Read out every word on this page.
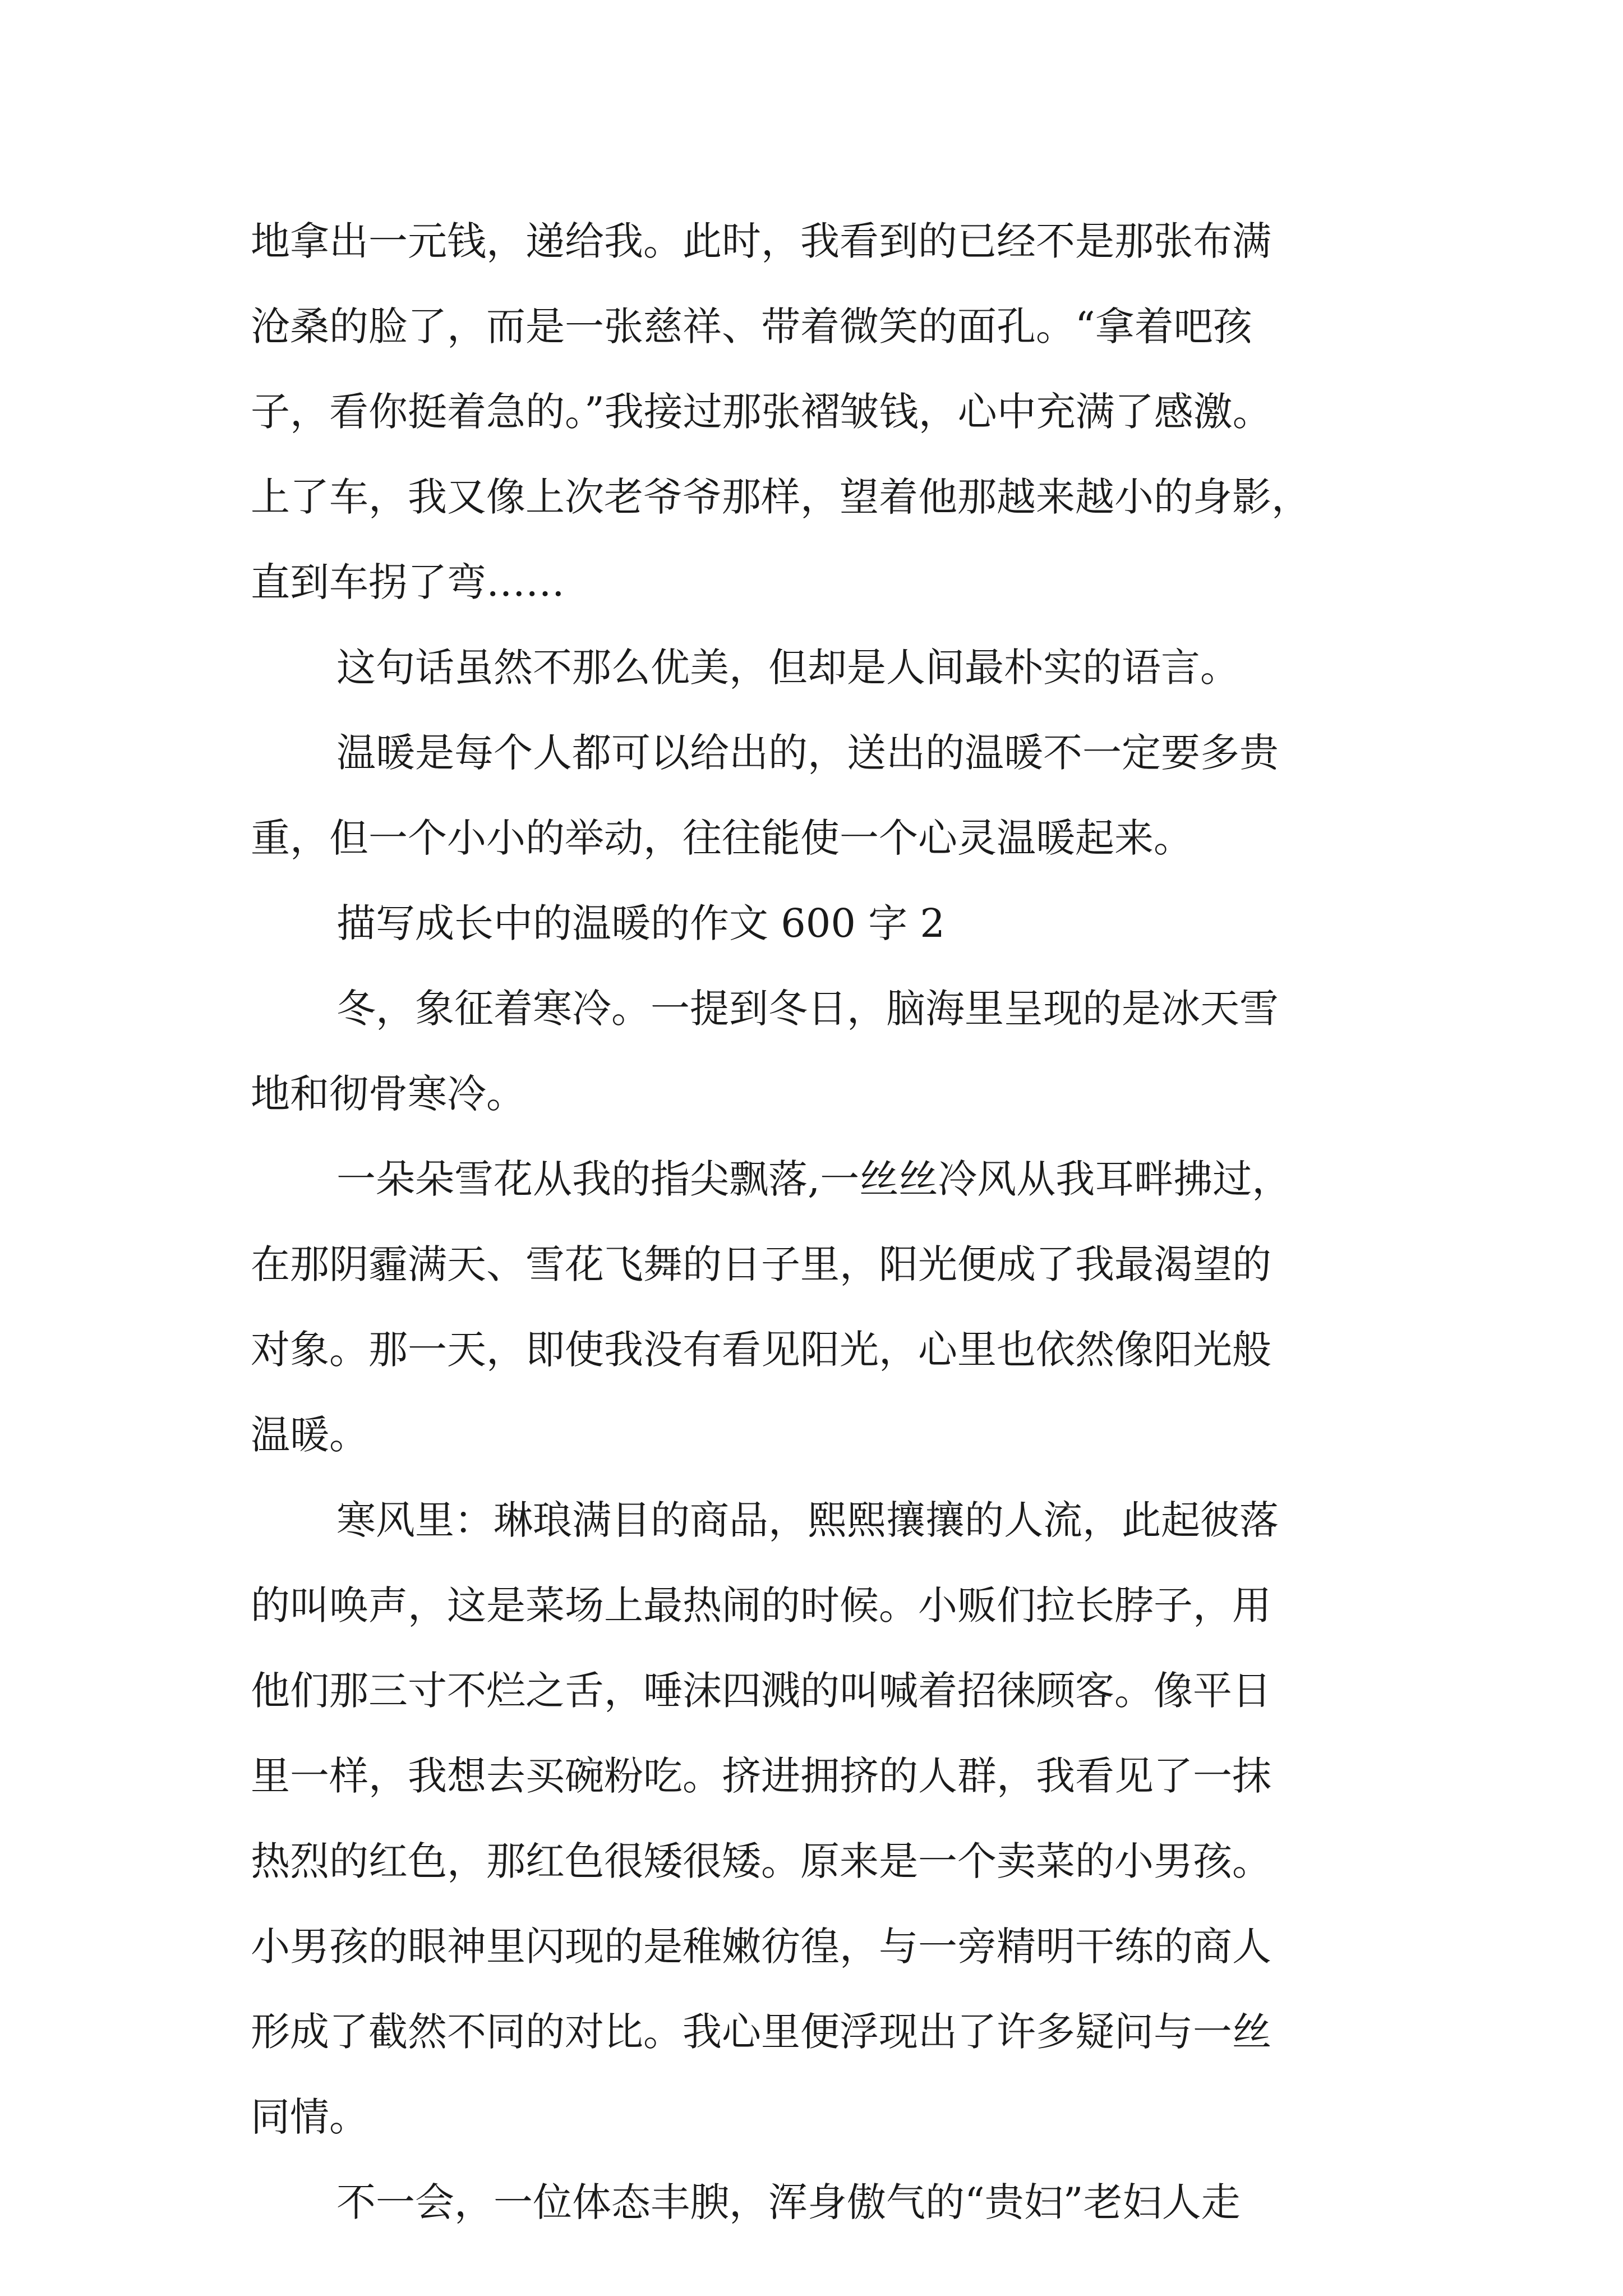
地拿出一元钱，递给我。此时，我看到的已经不是那张布满

沧桑的脸了，而是一张慈祥、带着微笑的面孔。“拿着吧孩

子，看你挺着急的。”我接过那张褶皱钱，心中充满了感激。

上了车，我又像上次老爷爷那样，望着他那越来越小的身影，

直到车拐了弯……

这句话虽然不那么优美，但却是人间最朴实的语言。

温暖是每个人都可以给出的，送出的温暖不一定要多贵

重，但一个小小的举动，往往能使一个心灵温暖起来。

描写成长中的温暖的作文 600 字 2

冬，象征着寒冷。一提到冬日，脑海里呈现的是冰天雪

地和彻骨寒冷。

一朵朵雪花从我的指尖飘落,一丝丝冷风从我耳畔拂过，

在那阴霾满天、雪花飞舞的日子里，阳光便成了我最渴望的

对象。那一天，即使我没有看见阳光，心里也依然像阳光般

温暖。

寒风里：琳琅满目的商品，熙熙攘攘的人流，此起彼落

的叫唤声，这是菜场上最热闹的时候。小贩们拉长脖子，用

他们那三寸不烂之舌，唾沫四溅的叫喊着招徕顾客。像平日

里一样，我想去买碗粉吃。挤进拥挤的人群，我看见了一抹

热烈的红色，那红色很矮很矮。原来是一个卖菜的小男孩。

小男孩的眼神里闪现的是稚嫩彷徨，与一旁精明干练的商人

形成了截然不同的对比。我心里便浮现出了许多疑问与一丝

同情。

不一会，一位体态丰腴，浑身傲气的“贵妇”老妇人走
